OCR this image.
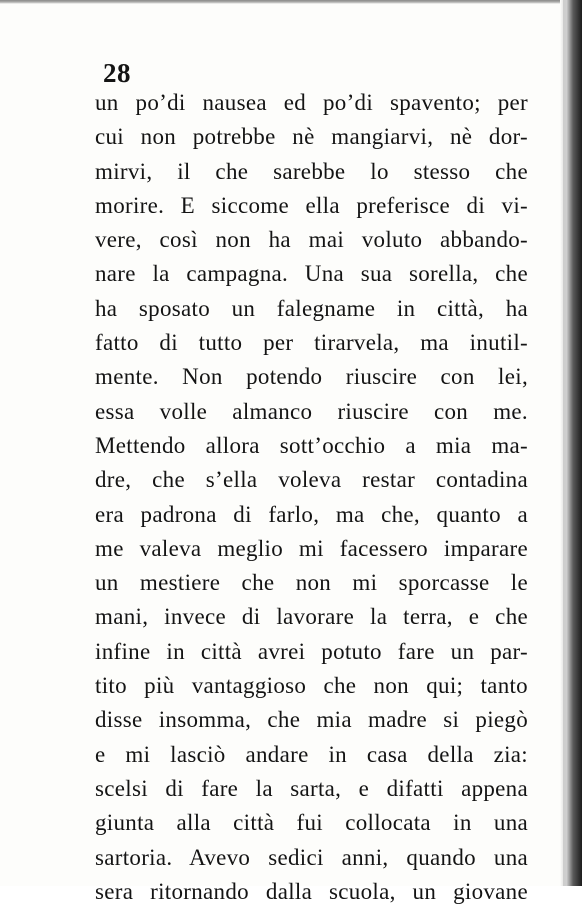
28
un po’di nausea ed po’di spavento; per
cui non potrebbe nè mangiarvi, nè dor-
mirvi, il che sarebbe lo stesso che
morire. E siccome ella preferisce di vi-
vere, così non ha mai voluto abbando-
nare la campagna. Una sua sorella, che
ha sposato un falegname in città, ha
fatto di tutto per tirarvela, ma inutil-
mente. Non potendo riuscire con lei,
essa volle almanco riuscire con me.
Mettendo allora sott’occhio a mia ma-
dre, che s’ella voleva restar contadina
era padrona di farlo, ma che, quanto a
me valeva meglio mi facessero imparare
un mestiere che non mi sporcasse le
mani, invece di lavorare la terra, e che
infine in città avrei potuto fare un par-
tito più vantaggioso che non qui; tanto
disse insomma, che mia madre si piegò
e mi lasciò andare in casa della zia:
scelsi di fare la sarta, e difatti appena
giunta alla città fui collocata in una
sartoria. Avevo sedici anni, quando una
sera ritornando dalla scuola, un giovane
